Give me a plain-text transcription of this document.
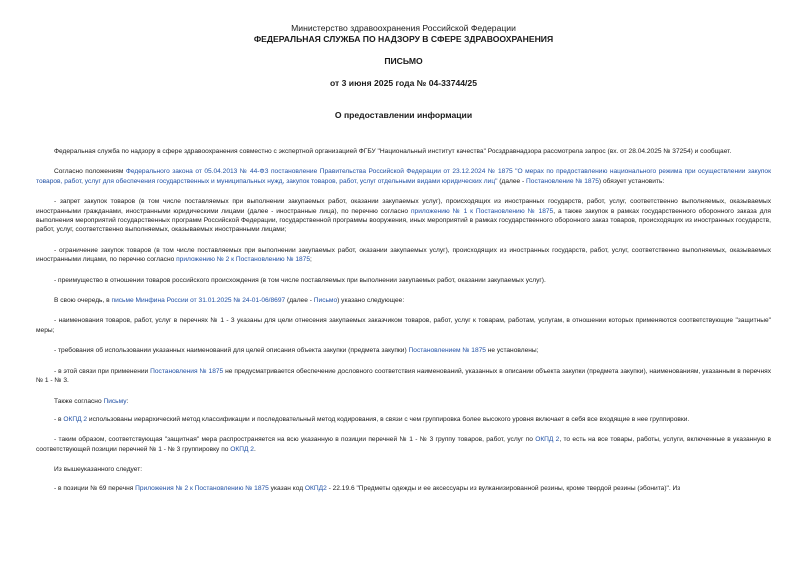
Министерство здравоохранения Российской Федерации
ФЕДЕРАЛЬНАЯ СЛУЖБА ПО НАДЗОРУ В СФЕРЕ ЗДРАВООХРАНЕНИЯ
ПИСЬМО
от 3 июня 2025 года № 04-33744/25
О предоставлении информации

Федеральная служба по надзору в сфере здравоохранения совместно с экспертной организацией ФГБУ "Национальный институт качества" Росздравнадзора рассмотрела запрос (вх. от 28.04.2025 № 37254) и сообщает.

Согласно положениям Федерального закона от 05.04.2013 № 44-ФЗ постановление Правительства Российской Федерации от 23.12.2024 № 1875 "О мерах по предоставлению национального режима при осуществлении закупок товаров, работ, услуг для обеспечения государственных и муниципальных нужд, закупок товаров, работ, услуг отдельными видами юридических лиц" (далее - Постановление № 1875) обязует установить:

- запрет закупок товаров (в том числе поставляемых при выполнении закупаемых работ, оказании закупаемых услуг), происходящих из иностранных государств, работ, услуг, соответственно выполняемых, оказываемых иностранными гражданами, иностранными юридическими лицами (далее - иностранные лица), по перечню согласно приложению № 1 к Постановлению № 1875, а также закупок в рамках государственного оборонного заказа для выполнения мероприятий государственных программ Российской Федерации, государственной программы вооружения, иных мероприятий в рамках государственного оборонного заказ товаров, происходящих из иностранных государств, работ, услуг, соответственно выполняемых, оказываемых иностранными лицами;

- ограничение закупок товаров (в том числе поставляемых при выполнении закупаемых работ, оказании закупаемых услуг), происходящих из иностранных государств, работ, услуг, соответственно выполняемых, оказываемых иностранными лицами, по перечню согласно приложению № 2 к Постановлению № 1875;

- преимущество в отношении товаров российского происхождения (в том числе поставляемых при выполнении закупаемых работ, оказании закупаемых услуг).

В свою очередь, в письме Минфина России от 31.01.2025 № 24-01-06/8697 (далее - Письмо) указано следующее:

- наименования товаров, работ, услуг в перечнях № 1 - 3 указаны для цели отнесения закупаемых заказчиком товаров, работ, услуг к товарам, работам, услугам, в отношении которых применяются соответствующие "защитные" меры;

- требования об использовании указанных наименований для целей описания объекта закупки (предмета закупки) Постановлением № 1875 не установлены;

- в этой связи при применении Постановления № 1875 не предусматривается обеспечение дословного соответствия наименований, указанных в описании объекта закупки (предмета закупки), наименованиям, указанным в перечнях № 1 - № 3.

Также согласно Письму:

- в ОКПД 2 использованы иерархический метод классификации и последовательный метод кодирования, в связи с чем группировка более высокого уровня включает в себя все входящие в нее группировки.

- таким образом, соответствующая "защитная" мера распространяется на всю указанную в позиции перечней № 1 - № 3 группу товаров, работ, услуг по ОКПД 2, то есть на все товары, работы, услуги, включенные в указанную в соответствующей позиции перечней № 1 - № 3 группировку по ОКПД 2.

Из вышеуказанного следует:

- в позиции № 69 перечня Приложения № 2 к Постановлению № 1875 указан код ОКПД2 - 22.19.6 "Предметы одежды и ее аксессуары из вулканизированной резины, кроме твердой резины (эбонита)". Из
